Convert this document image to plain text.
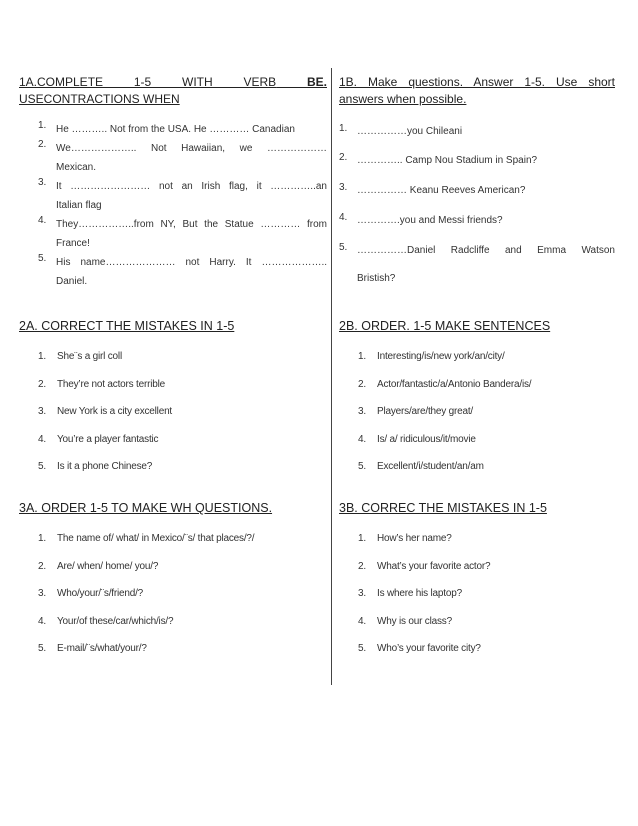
1A.COMPLETE 1-5 WITH VERB	BE.
USECONTRACTIONS WHEN
1. He ……….. Not from the USA. He ………… Canadian
2. We……………….. Not Hawaiian, we ………………
Mexican.
3. It …………………… not an Irish flag, it …………..an
Italian flag
4. They……………..from NY, But the Statue ………… from
France!
5. His name………………… not Harry. It ………………..
Daniel.
1B. Make questions. Answer 1-5. Use short answers when possible.
1. ……………you Chileani
2. ………….. Camp Nou Stadium in Spain?
3. …………… Keanu Reeves American?
4. ………….you and Messi friends?
5. ……………Daniel Radcliffe and Emma Watson
Bristish?
2A. CORRECT THE MISTAKES IN 1-5
1. She¨s a girl coll
2. They’re not actors terrible
3. New York is a city excellent
4. You’re a player fantastic
5. Is it a phone Chinese?
2B. ORDER. 1-5 MAKE SENTENCES
1. Interesting/is/new york/an/city/
2. Actor/fantastic/a/Antonio Bandera/is/
3. Players/are/they great/
4. Is/ a/ ridiculous/it/movie
5. Excellent/i/student/an/am
3A. ORDER 1-5 TO MAKE WH QUESTIONS.
1. The name of/ what/ in Mexico/¨s/ that places/?/
2. Are/ when/ home/ you/?
3. Who/your/¨s/friend/?
4. Your/of these/car/which/is/?
5. E-mail/¨s/what/your/?
3B. CORREC THE MISTAKES IN 1-5
1. How’s her name?
2. What’s your favorite actor?
3. Is where his laptop?
4. Why is our class?
5. Who’s your favorite city?
